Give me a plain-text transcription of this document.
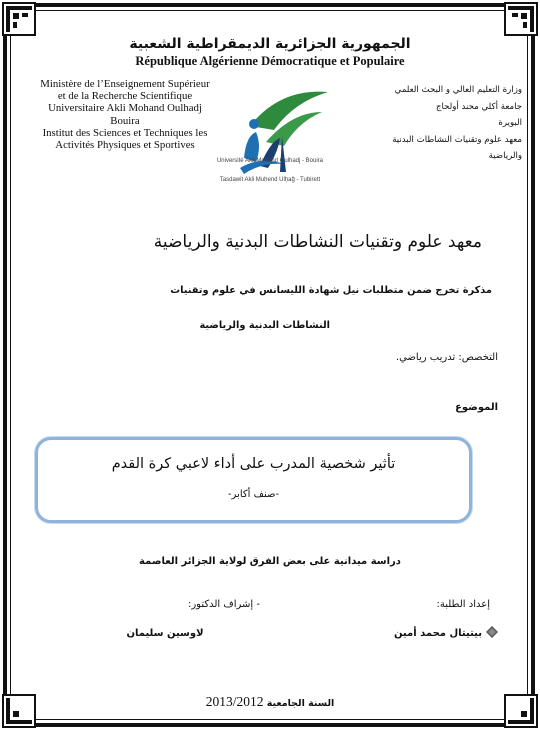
الجمهورية الجزائرية الديمقراطية الشعبية
République Algérienne Démocratique et Populaire
Ministère de l’Enseignement Supérieur
et de la Recherche Scientifique
Universitaire Akli Mohand Oulhadj
Bouira
Institut des Sciences et Techniques les
Activités Physiques et Sportives
وزارة التعليم العالي و البحث العلمي
جامعة أكلي محند أولحاج
البويرة
معهد علوم وتقنيات النشاطات البدنية
والرياضية
Université Akli Mohand Oulhadj - Bouira
Tasdawit Akli Muḥend Ulḥağ - Tubirett
معهد علوم وتقنيات النشاطات البدنية والرياضية
مذكرة تخرج ضمن متطلبات نيل شهادة الليسانس في علوم وتقنيات
النشاطات البدنية والرياضية
التخصص: تدريب رياضي.
الموضوع
تأثير شخصية المدرب على أداء لاعبي كرة القدم
-صنف أكابر-
دراسة ميدانية على بعض الفرق لولاية الجزائر العاصمة
إعداد الطلبة:
- إشراف الدكتور:
بيتيتال محمد أمين
لاوسين سليمان
2013/2012 السنة الجامعية
